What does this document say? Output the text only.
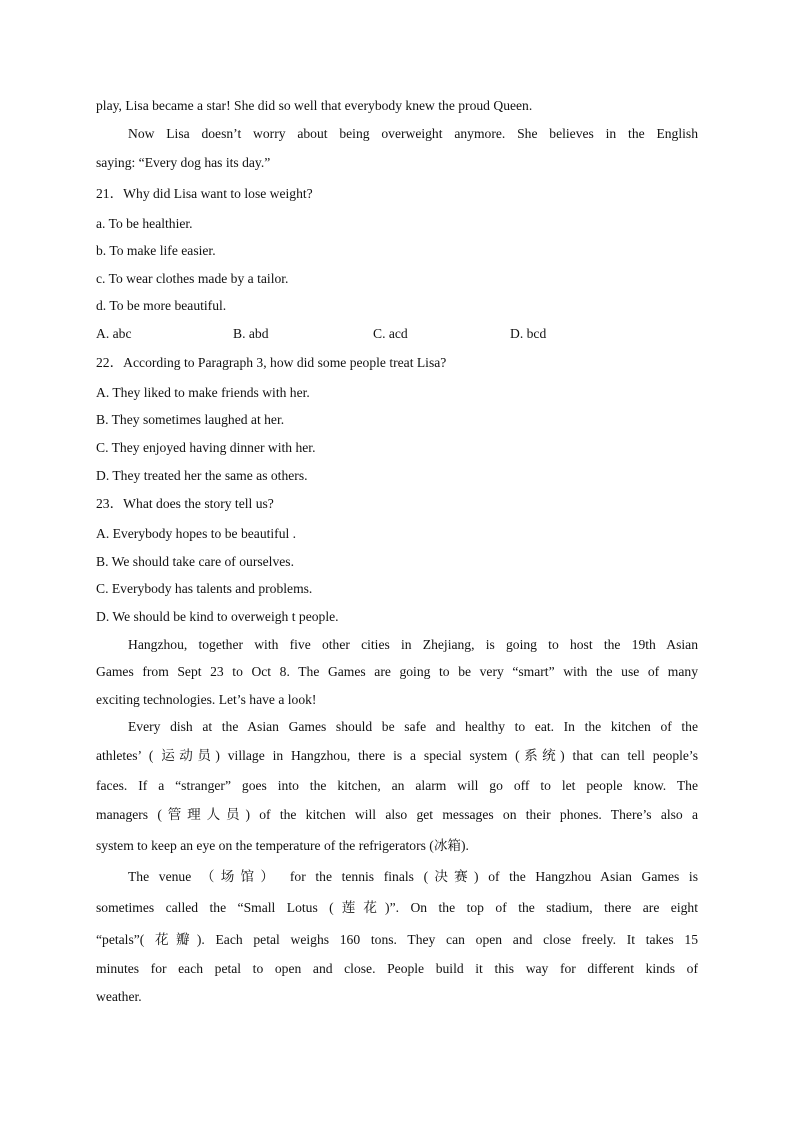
play, Lisa became a star! She did so well that everybody knew the proud Queen.
Now Lisa doesn’t worry about being overweight anymore. She believes in the English
saying: “Every dog has its day.”
21．Why did Lisa want to lose weight?
a. To be healthier.
b. To make life easier.
c. To wear clothes made by a tailor.
d. To be more beautiful.
A. abc	B. abd	C. acd	D. bcd
22．According to Paragraph 3, how did some people treat Lisa?
A. They liked to make friends with her.
B. They sometimes laughed at her.
C. They enjoyed having dinner with her.
D. They treated her the same as others.
23．What does the story tell us?
A. Everybody hopes to be beautiful .
B. We should take care of ourselves.
C. Everybody has talents and problems.
D. We should be kind to overweigh t people.
Hangzhou, together with five other cities in Zhejiang, is going to host the 19th Asian
Games from Sept 23 to Oct 8. The Games are going to be very “smart” with the use of many
exciting technologies. Let’s have a look!
Every dish at the Asian Games should be safe and healthy to eat. In the kitchen of the
athletes’ ( 运动员) village in Hangzhou, there is a special system (系统) that can tell people’s
faces. If a “stranger” goes into the kitchen, an alarm will go off to let people know. The
managers (管理人员) of the kitchen will also get messages on their phones. There’s also a
system to keep an eye on the temperature of the refrigerators (冰箱).
The venue （场馆） for the tennis finals (决赛) of the Hangzhou Asian Games is
sometimes called the “Small Lotus (莲花)”. On the top of the stadium, there are eight
“petals”( 花瓣). Each petal weighs 160 tons. They can open and close freely. It takes 15
minutes for each petal to open and close. People build it this way for different kinds of
weather.
